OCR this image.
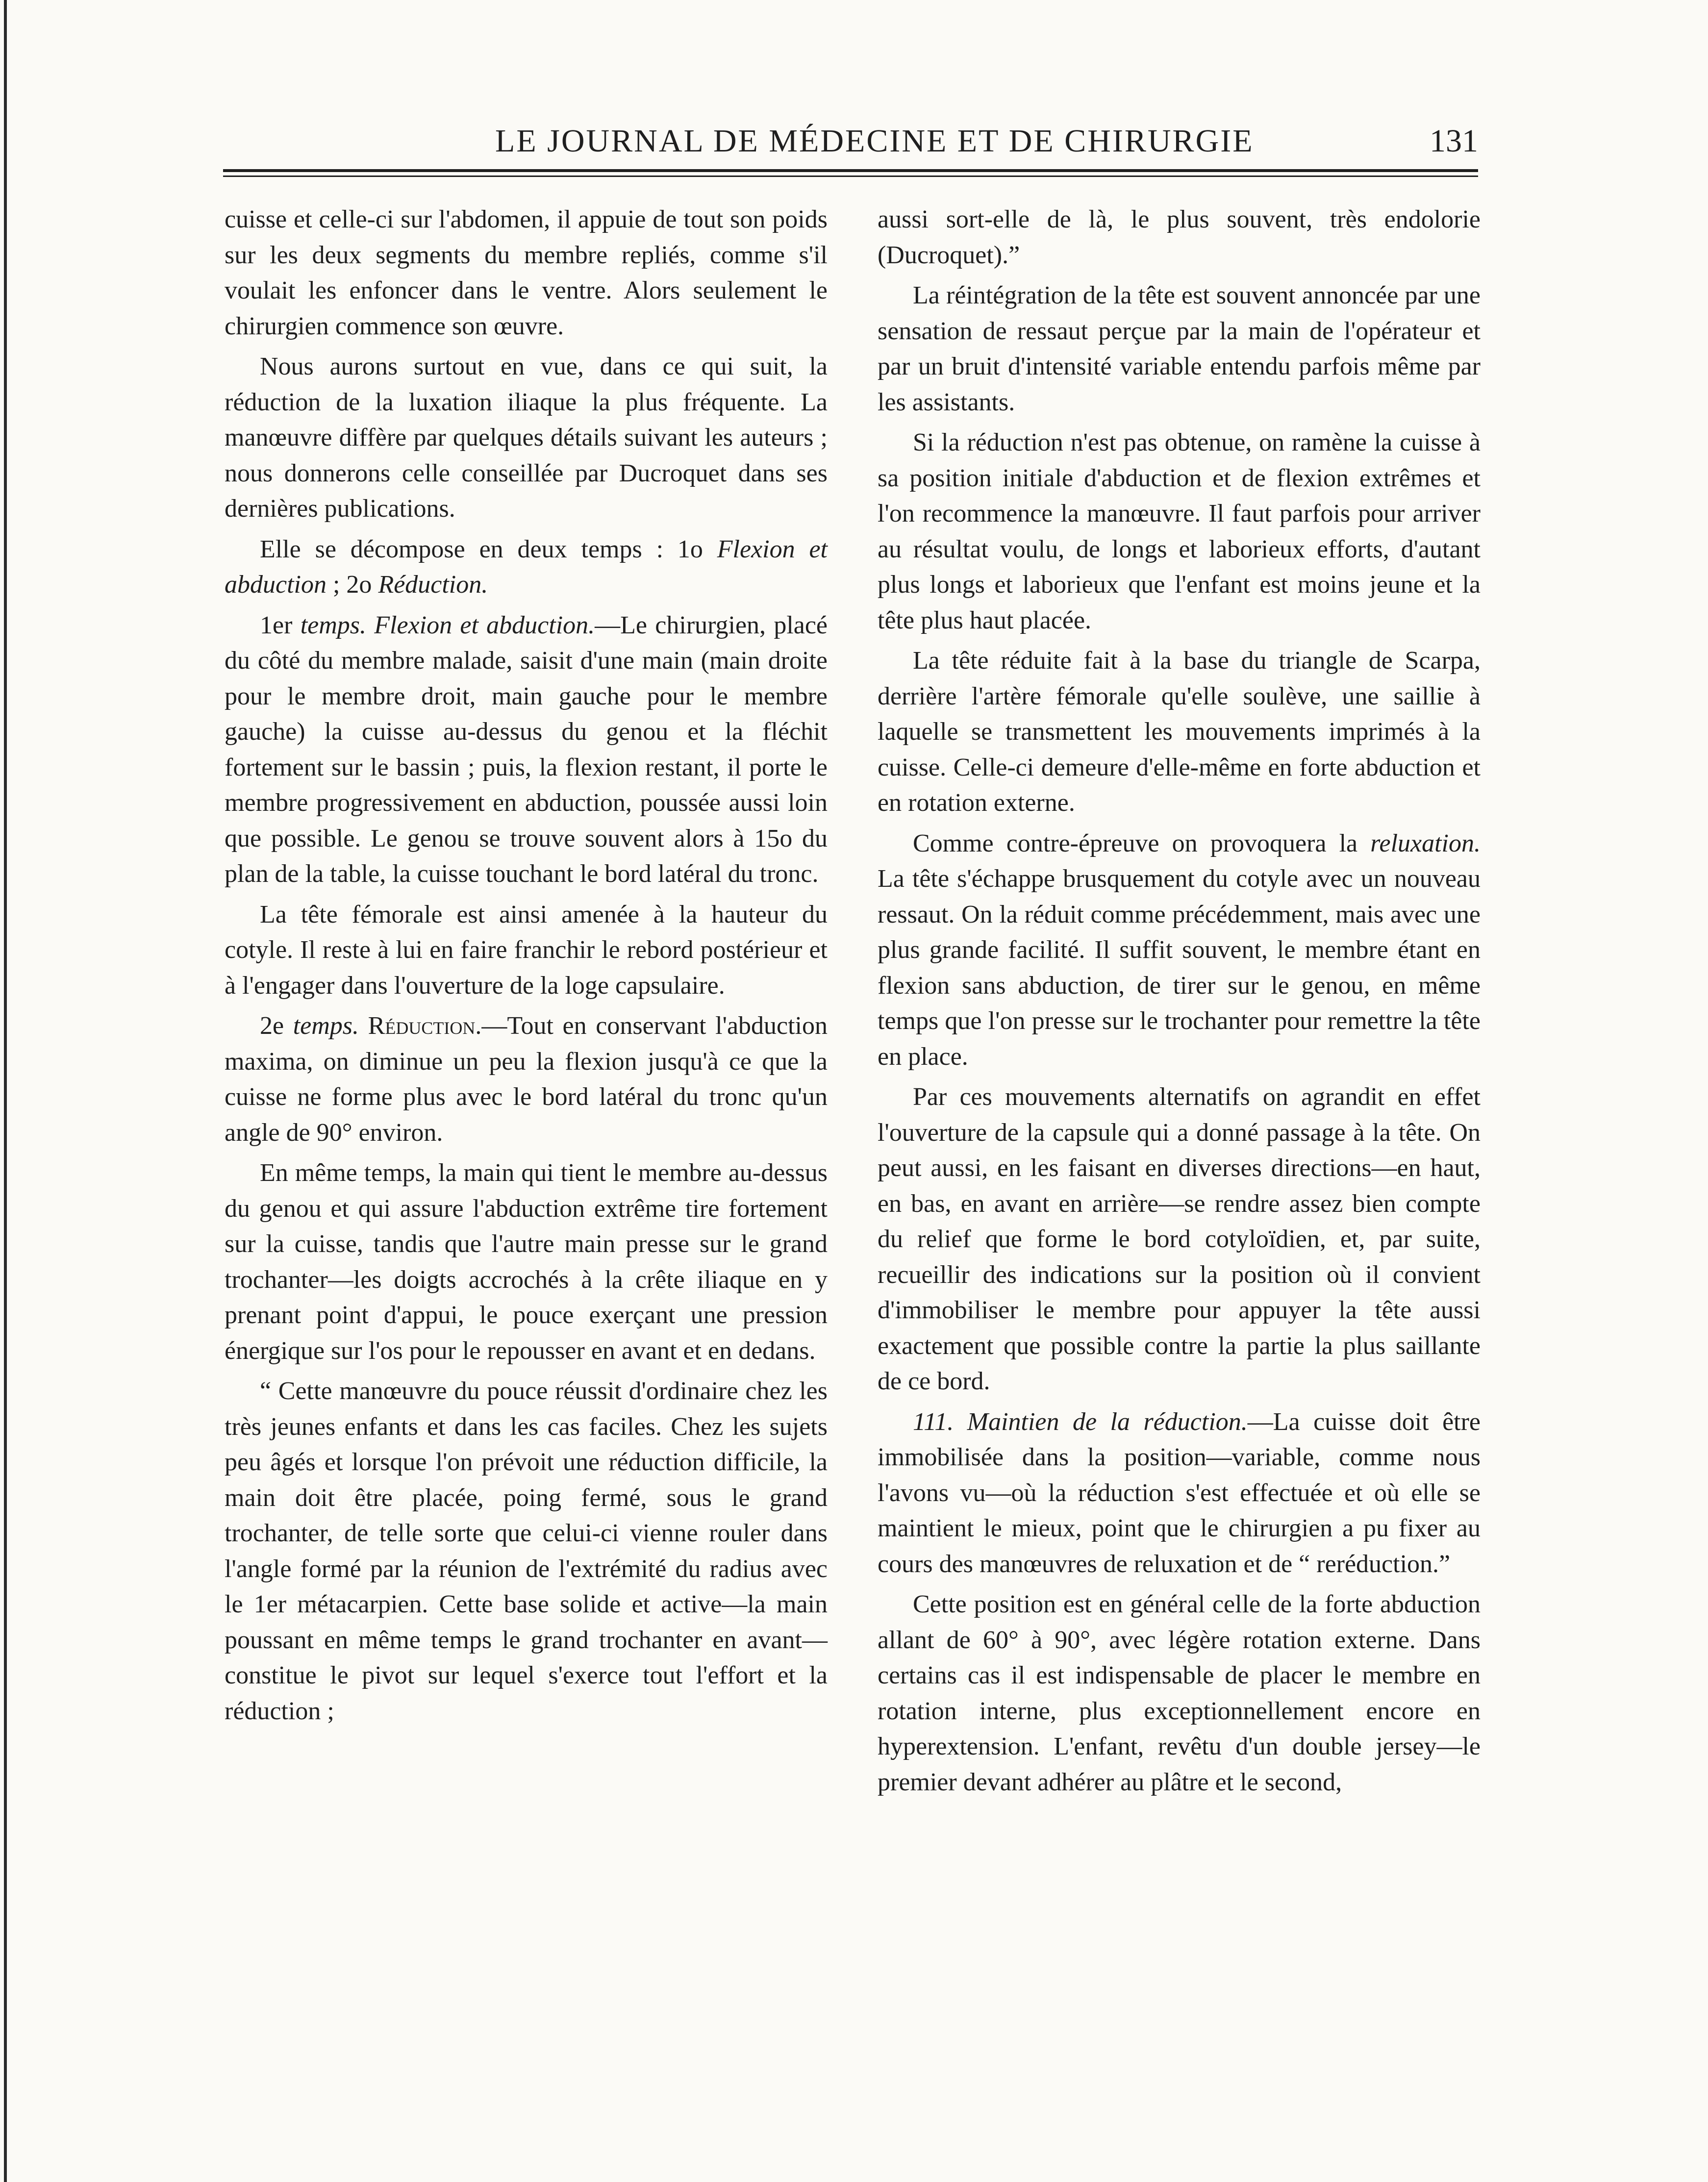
LE JOURNAL DE MÉDECINE ET DE CHIRURGIE	131

cuisse et celle-ci sur l'abdomen, il appuie de tout son poids sur les deux segments du membre repliés, comme s'il voulait les enfoncer dans le ventre. Alors seulement le chirurgien commence son œuvre.

Nous aurons surtout en vue, dans ce qui suit, la réduction de la luxation iliaque la plus fréquente. La manœuvre diffère par quelques détails suivant les auteurs ; nous donnerons celle conseillée par Ducroquet dans ses dernières publications.

Elle se décompose en deux temps : 1o Flexion et abduction ; 2o Réduction.

1er temps. Flexion et abduction.—Le chirurgien, placé du côté du membre malade, saisit d'une main (main droite pour le membre droit, main gauche pour le membre gauche) la cuisse au-dessus du genou et la fléchit fortement sur le bassin ; puis, la flexion restant, il porte le membre progressivement en abduction, poussée aussi loin que possible. Le genou se trouve souvent alors à 15o du plan de la table, la cuisse touchant le bord latéral du tronc.

La tête fémorale est ainsi amenée à la hauteur du cotyle. Il reste à lui en faire franchir le rebord postérieur et à l'engager dans l'ouverture de la loge capsulaire.

2e temps. Réduction.—Tout en conservant l'abduction maxima, on diminue un peu la flexion jusqu'à ce que la cuisse ne forme plus avec le bord latéral du tronc qu'un angle de 90° environ.

En même temps, la main qui tient le membre au-dessus du genou et qui assure l'abduction extrême tire fortement sur la cuisse, tandis que l'autre main presse sur le grand trochanter—les doigts accrochés à la crête iliaque en y prenant point d'appui, le pouce exerçant une pression énergique sur l'os pour le repousser en avant et en dedans.

“ Cette manœuvre du pouce réussit d'ordinaire chez les très jeunes enfants et dans les cas faciles. Chez les sujets peu âgés et lorsque l'on prévoit une réduction difficile, la main doit être placée, poing fermé, sous le grand trochanter, de telle sorte que celui-ci vienne rouler dans l'angle formé par la réunion de l'extrémité du radius avec le 1er métacarpien. Cette base solide et active—la main poussant en même temps le grand trochanter en avant—constitue le pivot sur lequel s'exerce tout l'effort et la réduction ;

aussi sort-elle de là, le plus souvent, très endolorie (Ducroquet).”

La réintégration de la tête est souvent annoncée par une sensation de ressaut perçue par la main de l'opérateur et par un bruit d'intensité variable entendu parfois même par les assistants.

Si la réduction n'est pas obtenue, on ramène la cuisse à sa position initiale d'abduction et de flexion extrêmes et l'on recommence la manœuvre. Il faut parfois pour arriver au résultat voulu, de longs et laborieux efforts, d'autant plus longs et laborieux que l'enfant est moins jeune et la tête plus haut placée.

La tête réduite fait à la base du triangle de Scarpa, derrière l'artère fémorale qu'elle soulève, une saillie à laquelle se transmettent les mouvements imprimés à la cuisse. Celle-ci demeure d'elle-même en forte abduction et en rotation externe.

Comme contre-épreuve on provoquera la reluxation. La tête s'échappe brusquement du cotyle avec un nouveau ressaut. On la réduit comme précédemment, mais avec une plus grande facilité. Il suffit souvent, le membre étant en flexion sans abduction, de tirer sur le genou, en même temps que l'on presse sur le trochanter pour remettre la tête en place.

Par ces mouvements alternatifs on agrandit en effet l'ouverture de la capsule qui a donné passage à la tête. On peut aussi, en les faisant en diverses directions—en haut, en bas, en avant en arrière—se rendre assez bien compte du relief que forme le bord cotyloïdien, et, par suite, recueillir des indications sur la position où il convient d'immobiliser le membre pour appuyer la tête aussi exactement que possible contre la partie la plus saillante de ce bord.

111. Maintien de la réduction.—La cuisse doit être immobilisée dans la position—variable, comme nous l'avons vu—où la réduction s'est effectuée et où elle se maintient le mieux, point que le chirurgien a pu fixer au cours des manœuvres de reluxation et de “ reréduction.”

Cette position est en général celle de la forte abduction allant de 60° à 90°, avec légère rotation externe. Dans certains cas il est indispensable de placer le membre en rotation interne, plus exceptionnellement encore en hyperextension. L'enfant, revêtu d'un double jersey—le premier devant adhérer au plâtre et le second,
